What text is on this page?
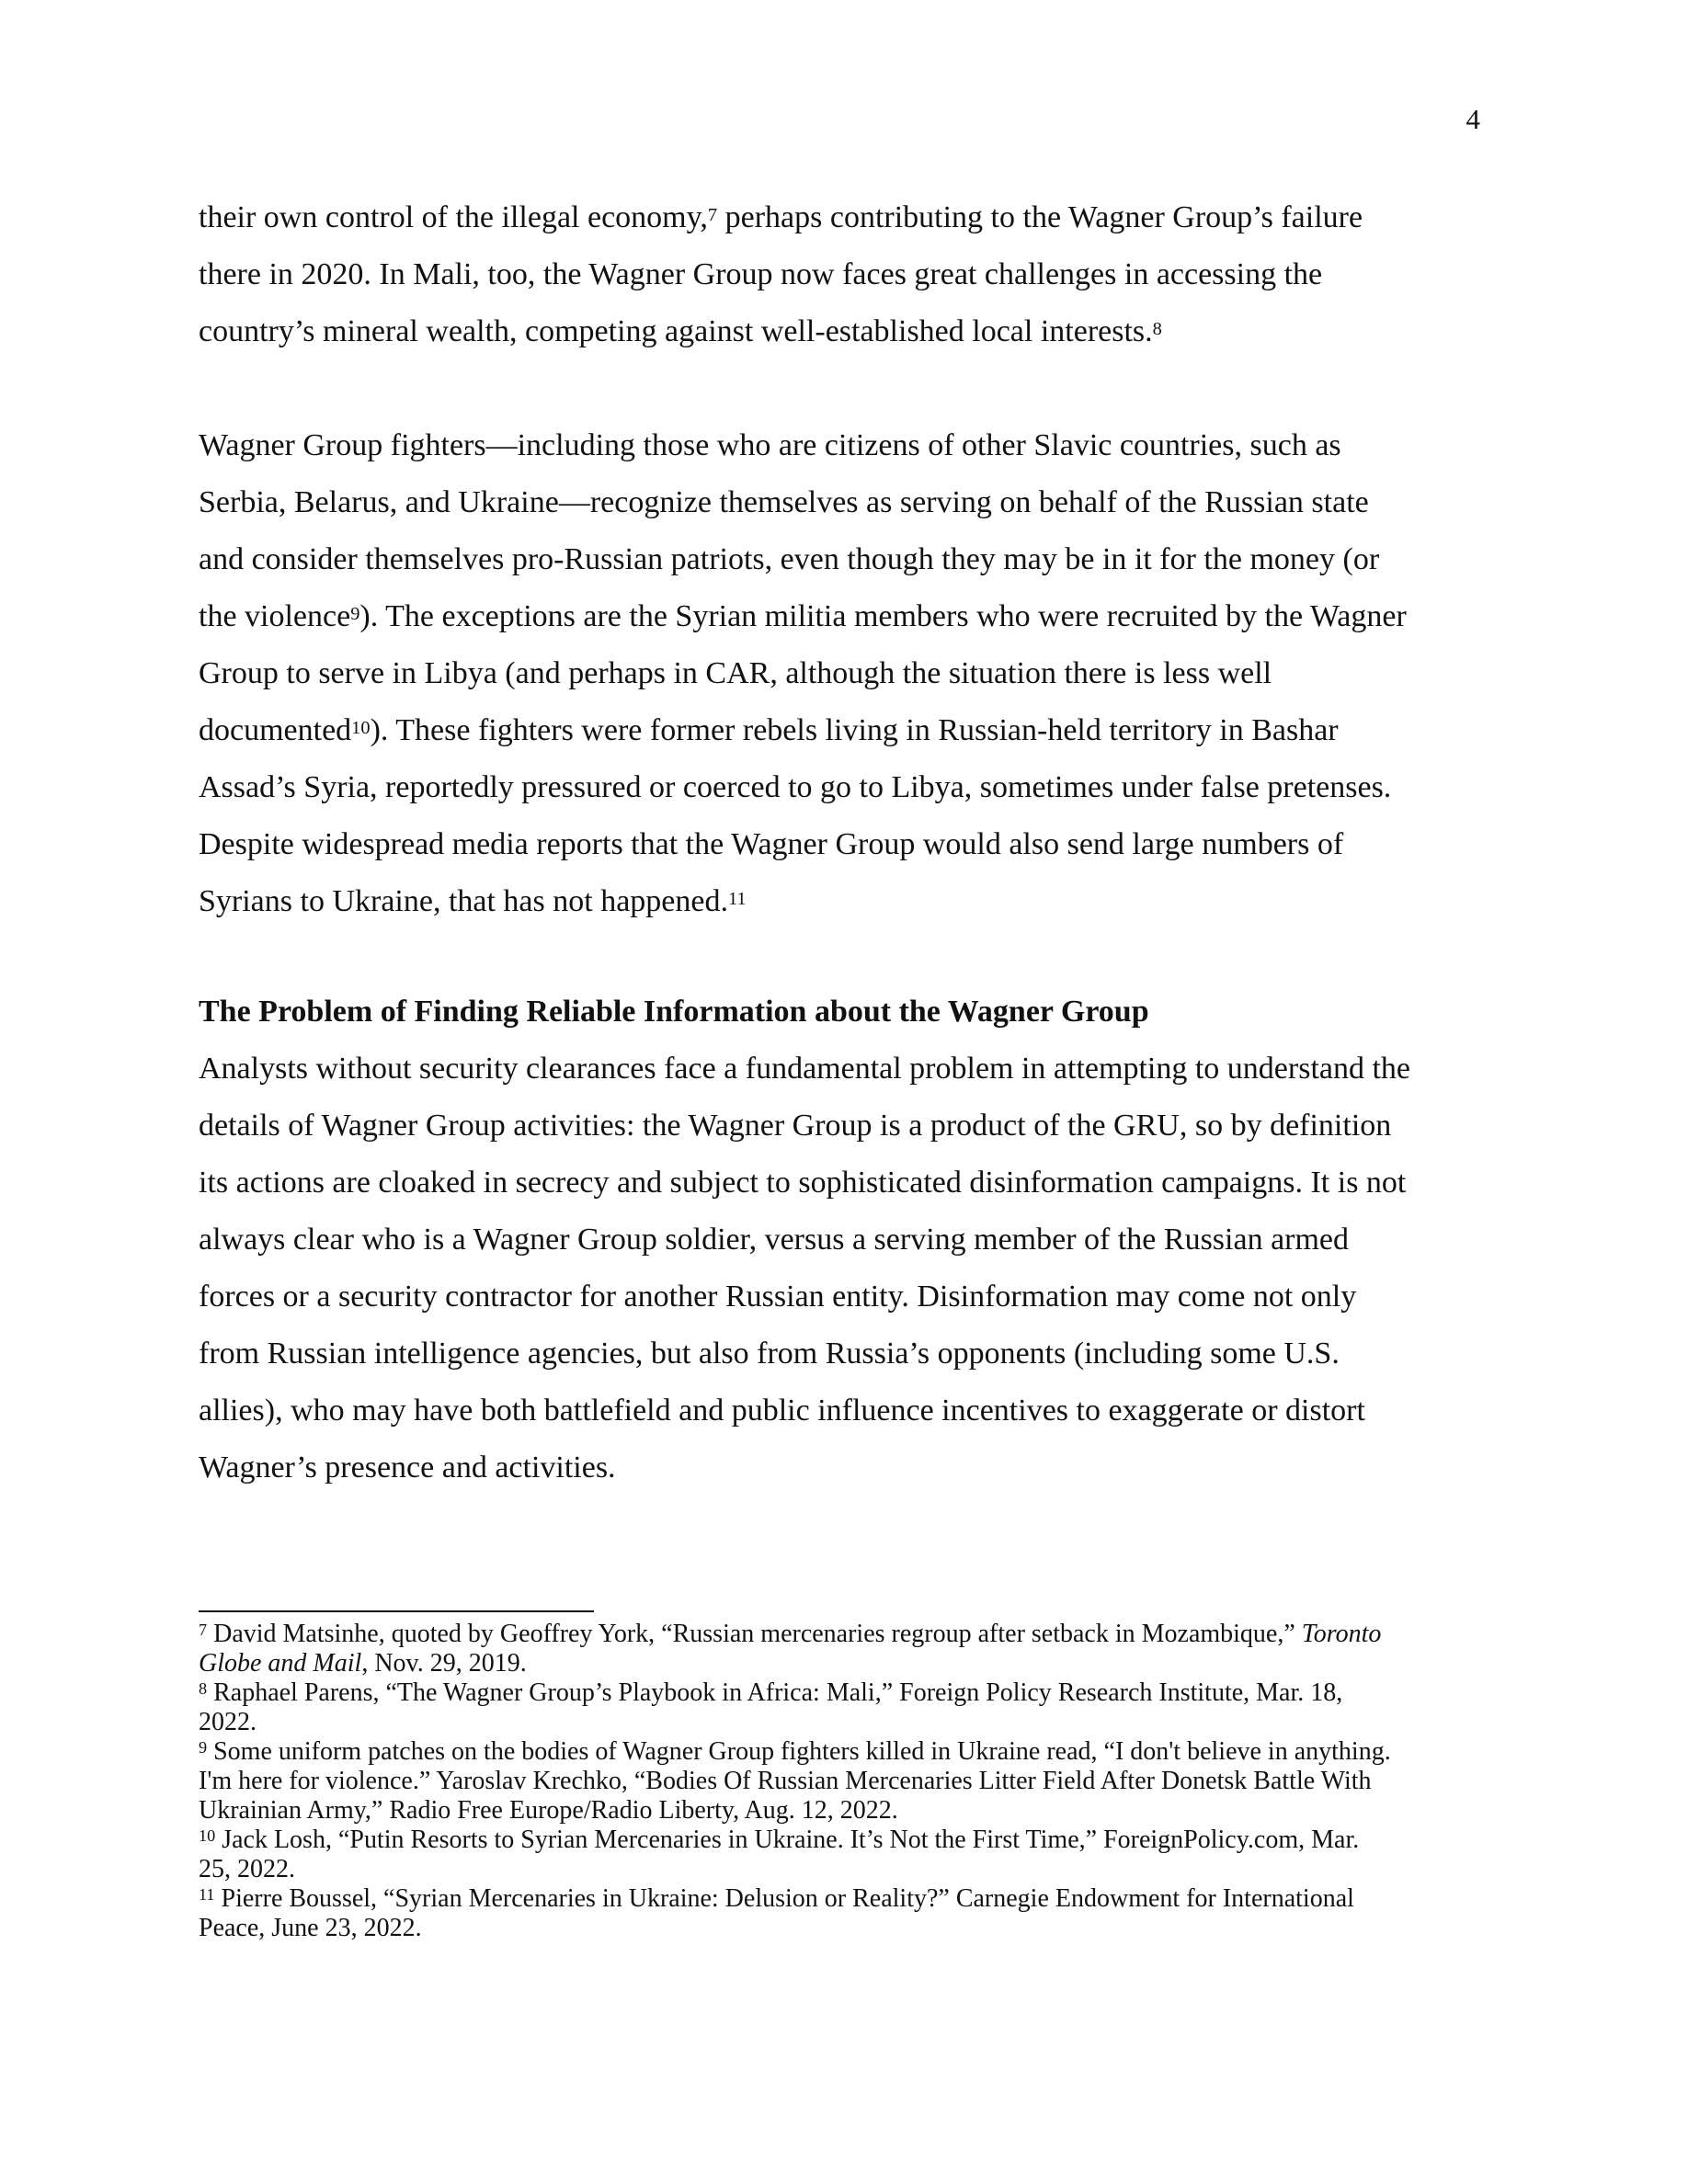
4

their own control of the illegal economy,$^7$ perhaps contributing to the Wagner Group’s failure
there in 2020. In Mali, too, the Wagner Group now faces great challenges in accessing the
country’s mineral wealth, competing against well-established local interests.$^8$

Wagner Group fighters—including those who are citizens of other Slavic countries, such as
Serbia, Belarus, and Ukraine—recognize themselves as serving on behalf of the Russian state
and consider themselves pro-Russian patriots, even though they may be in it for the money (or
the violence$^9$). The exceptions are the Syrian militia members who were recruited by the Wagner
Group to serve in Libya (and perhaps in CAR, although the situation there is less well
documented$^{10}$). These fighters were former rebels living in Russian-held territory in Bashar
Assad’s Syria, reportedly pressured or coerced to go to Libya, sometimes under false pretenses.
Despite widespread media reports that the Wagner Group would also send large numbers of
Syrians to Ukraine, that has not happened.$^{11}$

The Problem of Finding Reliable Information about the Wagner Group

Analysts without security clearances face a fundamental problem in attempting to understand the
details of Wagner Group activities: the Wagner Group is a product of the GRU, so by definition
its actions are cloaked in secrecy and subject to sophisticated disinformation campaigns. It is not
always clear who is a Wagner Group soldier, versus a serving member of the Russian armed
forces or a security contractor for another Russian entity. Disinformation may come not only
from Russian intelligence agencies, but also from Russia’s opponents (including some U.S.
allies), who may have both battlefield and public influence incentives to exaggerate or distort
Wagner’s presence and activities.

$^7$ David Matsinhe, quoted by Geoffrey York, “Russian mercenaries regroup after setback in Mozambique,” Toronto
Globe and Mail, Nov. 29, 2019.
$^8$ Raphael Parens, “The Wagner Group’s Playbook in Africa: Mali,” Foreign Policy Research Institute, Mar. 18,
2022.
$^9$ Some uniform patches on the bodies of Wagner Group fighters killed in Ukraine read, “I don't believe in anything.
I'm here for violence.” Yaroslav Krechko, “Bodies Of Russian Mercenaries Litter Field After Donetsk Battle With
Ukrainian Army,” Radio Free Europe/Radio Liberty, Aug. 12, 2022.
$^{10}$ Jack Losh, “Putin Resorts to Syrian Mercenaries in Ukraine. It’s Not the First Time,” ForeignPolicy.com, Mar.
25, 2022.
$^{11}$ Pierre Boussel, “Syrian Mercenaries in Ukraine: Delusion or Reality?” Carnegie Endowment for International
Peace, June 23, 2022.
